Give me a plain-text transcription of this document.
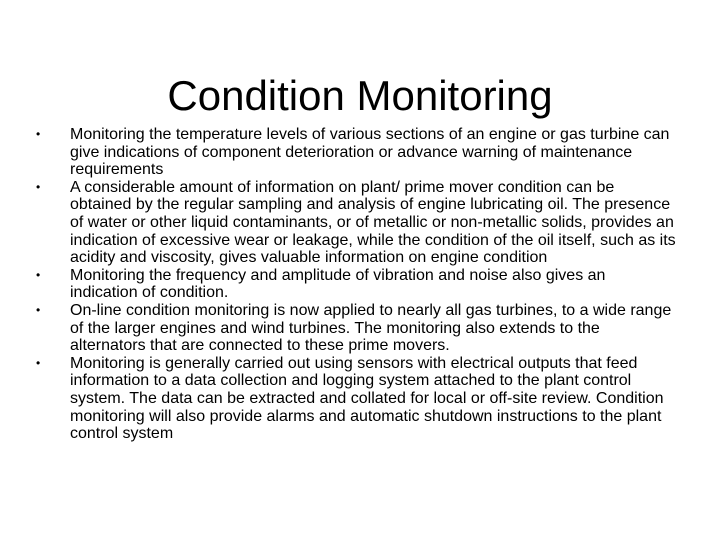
Condition Monitoring
• Monitoring the temperature levels of various sections of an engine or gas turbine can give indications of component deterioration or advance warning of maintenance requirements
• A considerable amount of information on plant/ prime mover condition can be obtained by the regular sampling and analysis of engine lubricating oil. The presence of water or other liquid contaminants, or of metallic or non-metallic solids, provides an indication of excessive wear or leakage, while the condition of the oil itself, such as its acidity and viscosity, gives valuable information on engine condition
• Monitoring the frequency and amplitude of vibration and noise also gives an indication of condition.
• On-line condition monitoring is now applied to nearly all gas turbines, to a wide range of the larger engines and wind turbines. The monitoring also extends to the alternators that are connected to these prime movers.
• Monitoring is generally carried out using sensors with electrical outputs that feed information to a data collection and logging system attached to the plant control system. The data can be extracted and collated for local or off-site review. Condition monitoring will also provide alarms and automatic shutdown instructions to the plant control system
